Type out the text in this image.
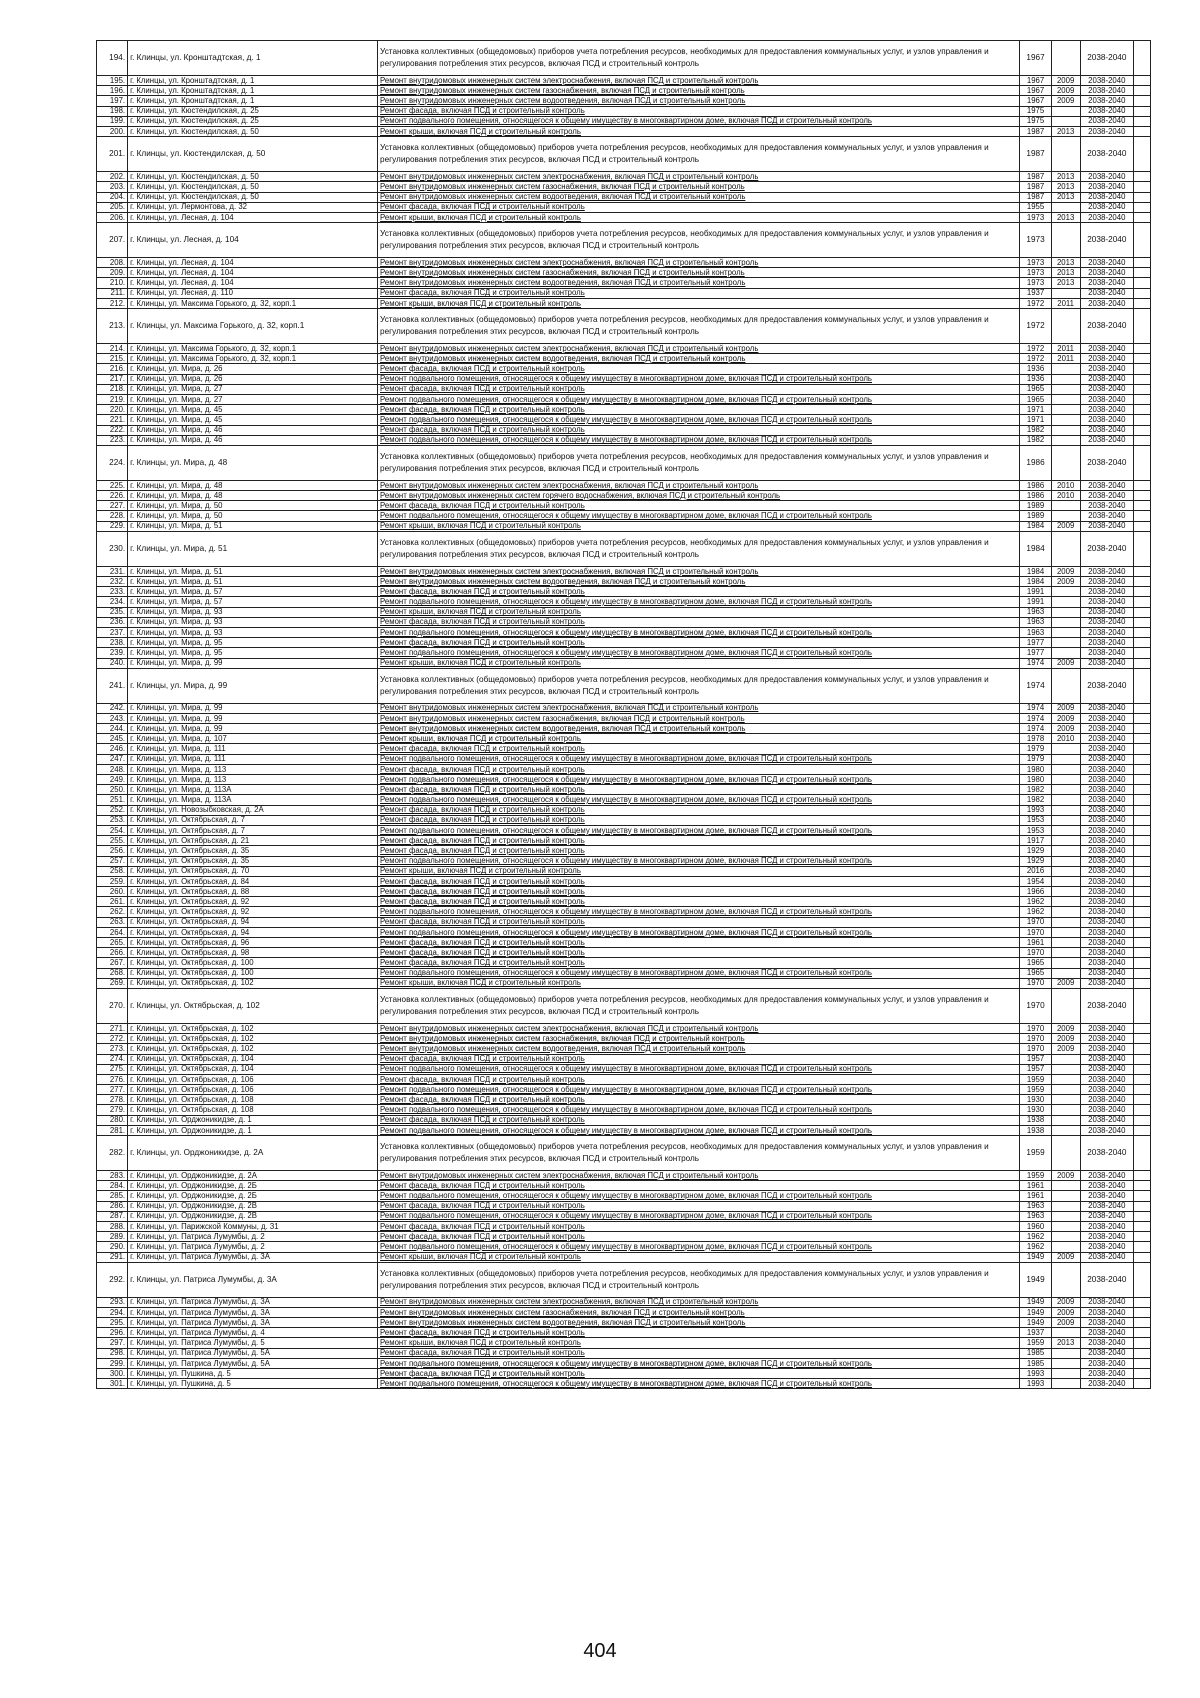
194.	г. Клинцы, ул. Кронштадтская, д. 1	Установка коллективных (общедомовых) приборов учета потребления ресурсов, необходимых для предоставления коммунальных услуг, и узлов управления и регулирования потребления этих ресурсов, включая ПСД и строительный контроль	1967		2038-2040	
195.	г. Клинцы, ул. Кронштадтская, д. 1	Ремонт внутридомовых инженерных систем электроснабжения, включая ПСД и строительный контроль	1967	2009	2038-2040	
196.	г. Клинцы, ул. Кронштадтская, д. 1	Ремонт внутридомовых инженерных систем газоснабжения, включая ПСД и строительный контроль	1967	2009	2038-2040	
197.	г. Клинцы, ул. Кронштадтская, д. 1	Ремонт внутридомовых инженерных систем водоотведения, включая ПСД и строительный контроль	1967	2009	2038-2040	
198.	г. Клинцы, ул. Кюстендилская, д. 25	Ремонт фасада, включая ПСД и строительный контроль	1975		2038-2040	
199.	г. Клинцы, ул. Кюстендилская, д. 25	Ремонт подвального помещения, относящегося к общему имуществу в многоквартирном доме, включая ПСД и строительный контроль	1975		2038-2040	
200.	г. Клинцы, ул. Кюстендилская, д. 50	Ремонт крыши, включая ПСД и строительный контроль	1987	2013	2038-2040	
201.	г. Клинцы, ул. Кюстендилская, д. 50	Установка коллективных (общедомовых) приборов учета потребления ресурсов, необходимых для предоставления коммунальных услуг, и узлов управления и регулирования потребления этих ресурсов, включая ПСД и строительный контроль	1987		2038-2040	
202.	г. Клинцы, ул. Кюстендилская, д. 50	Ремонт внутридомовых инженерных систем электроснабжения, включая ПСД и строительный контроль	1987	2013	2038-2040	
203.	г. Клинцы, ул. Кюстендилская, д. 50	Ремонт внутридомовых инженерных систем газоснабжения, включая ПСД и строительный контроль	1987	2013	2038-2040	
204.	г. Клинцы, ул. Кюстендилская, д. 50	Ремонт внутридомовых инженерных систем водоотведения, включая ПСД и строительный контроль	1987	2013	2038-2040	
205.	г. Клинцы, ул. Лермонтова, д. 32	Ремонт фасада, включая ПСД и строительный контроль	1955		2038-2040	
206.	г. Клинцы, ул. Лесная, д. 104	Ремонт крыши, включая ПСД и строительный контроль	1973	2013	2038-2040	
207.	г. Клинцы, ул. Лесная, д. 104	Установка коллективных (общедомовых) приборов учета потребления ресурсов, необходимых для предоставления коммунальных услуг, и узлов управления и регулирования потребления этих ресурсов, включая ПСД и строительный контроль	1973		2038-2040	
208.	г. Клинцы, ул. Лесная, д. 104	Ремонт внутридомовых инженерных систем электроснабжения, включая ПСД и строительный контроль	1973	2013	2038-2040	
209.	г. Клинцы, ул. Лесная, д. 104	Ремонт внутридомовых инженерных систем газоснабжения, включая ПСД и строительный контроль	1973	2013	2038-2040	
210.	г. Клинцы, ул. Лесная, д. 104	Ремонт внутридомовых инженерных систем водоотведения, включая ПСД и строительный контроль	1973	2013	2038-2040	
211.	г. Клинцы, ул. Лесная, д. 110	Ремонт фасада, включая ПСД и строительный контроль	1937		2038-2040	
212.	г. Клинцы, ул. Максима Горького, д. 32, корп.1	Ремонт крыши, включая ПСД и строительный контроль	1972	2011	2038-2040	
213.	г. Клинцы, ул. Максима Горького, д. 32, корп.1	Установка коллективных (общедомовых) приборов учета потребления ресурсов, необходимых для предоставления коммунальных услуг, и узлов управления и регулирования потребления этих ресурсов, включая ПСД и строительный контроль	1972		2038-2040	
214.	г. Клинцы, ул. Максима Горького, д. 32, корп.1	Ремонт внутридомовых инженерных систем электроснабжения, включая ПСД и строительный контроль	1972	2011	2038-2040	
215.	г. Клинцы, ул. Максима Горького, д. 32, корп.1	Ремонт внутридомовых инженерных систем водоотведения, включая ПСД и строительный контроль	1972	2011	2038-2040	
216.	г. Клинцы, ул. Мира, д. 26	Ремонт фасада, включая ПСД и строительный контроль	1936		2038-2040	
217.	г. Клинцы, ул. Мира, д. 26	Ремонт подвального помещения, относящегося к общему имуществу в многоквартирном доме, включая ПСД и строительный контроль	1936		2038-2040	
218.	г. Клинцы, ул. Мира, д. 27	Ремонт фасада, включая ПСД и строительный контроль	1965		2038-2040	
219.	г. Клинцы, ул. Мира, д. 27	Ремонт подвального помещения, относящегося к общему имуществу в многоквартирном доме, включая ПСД и строительный контроль	1965		2038-2040	
220.	г. Клинцы, ул. Мира, д. 45	Ремонт фасада, включая ПСД и строительный контроль	1971		2038-2040	
221.	г. Клинцы, ул. Мира, д. 45	Ремонт подвального помещения, относящегося к общему имуществу в многоквартирном доме, включая ПСД и строительный контроль	1971		2038-2040	
222.	г. Клинцы, ул. Мира, д. 46	Ремонт фасада, включая ПСД и строительный контроль	1982		2038-2040	
223.	г. Клинцы, ул. Мира, д. 46	Ремонт подвального помещения, относящегося к общему имуществу в многоквартирном доме, включая ПСД и строительный контроль	1982		2038-2040	
224.	г. Клинцы, ул. Мира, д. 48	Установка коллективных (общедомовых) приборов учета потребления ресурсов, необходимых для предоставления коммунальных услуг, и узлов управления и регулирования потребления этих ресурсов, включая ПСД и строительный контроль	1986		2038-2040	
225.	г. Клинцы, ул. Мира, д. 48	Ремонт внутридомовых инженерных систем электроснабжения, включая ПСД и строительный контроль	1986	2010	2038-2040	
226.	г. Клинцы, ул. Мира, д. 48	Ремонт внутридомовых инженерных систем горячего водоснабжения, включая ПСД и строительный контроль	1986	2010	2038-2040	
227.	г. Клинцы, ул. Мира, д. 50	Ремонт фасада, включая ПСД и строительный контроль	1989		2038-2040	
228.	г. Клинцы, ул. Мира, д. 50	Ремонт подвального помещения, относящегося к общему имуществу в многоквартирном доме, включая ПСД и строительный контроль	1989		2038-2040	
229.	г. Клинцы, ул. Мира, д. 51	Ремонт крыши, включая ПСД и строительный контроль	1984	2009	2038-2040	
230.	г. Клинцы, ул. Мира, д. 51	Установка коллективных (общедомовых) приборов учета потребления ресурсов, необходимых для предоставления коммунальных услуг, и узлов управления и регулирования потребления этих ресурсов, включая ПСД и строительный контроль	1984		2038-2040	
231.	г. Клинцы, ул. Мира, д. 51	Ремонт внутридомовых инженерных систем электроснабжения, включая ПСД и строительный контроль	1984	2009	2038-2040	
232.	г. Клинцы, ул. Мира, д. 51	Ремонт внутридомовых инженерных систем водоотведения, включая ПСД и строительный контроль	1984	2009	2038-2040	
233.	г. Клинцы, ул. Мира, д. 57	Ремонт фасада, включая ПСД и строительный контроль	1991		2038-2040	
234.	г. Клинцы, ул. Мира, д. 57	Ремонт подвального помещения, относящегося к общему имуществу в многоквартирном доме, включая ПСД и строительный контроль	1991		2038-2040	
235.	г. Клинцы, ул. Мира, д. 93	Ремонт крыши, включая ПСД и строительный контроль	1963		2038-2040	
236.	г. Клинцы, ул. Мира, д. 93	Ремонт фасада, включая ПСД и строительный контроль	1963		2038-2040	
237.	г. Клинцы, ул. Мира, д. 93	Ремонт подвального помещения, относящегося к общему имуществу в многоквартирном доме, включая ПСД и строительный контроль	1963		2038-2040	
238.	г. Клинцы, ул. Мира, д. 95	Ремонт фасада, включая ПСД и строительный контроль	1977		2038-2040	
239.	г. Клинцы, ул. Мира, д. 95	Ремонт подвального помещения, относящегося к общему имуществу в многоквартирном доме, включая ПСД и строительный контроль	1977		2038-2040	
240.	г. Клинцы, ул. Мира, д. 99	Ремонт крыши, включая ПСД и строительный контроль	1974	2009	2038-2040	
241.	г. Клинцы, ул. Мира, д. 99	Установка коллективных (общедомовых) приборов учета потребления ресурсов, необходимых для предоставления коммунальных услуг, и узлов управления и регулирования потребления этих ресурсов, включая ПСД и строительный контроль	1974		2038-2040	
242.	г. Клинцы, ул. Мира, д. 99	Ремонт внутридомовых инженерных систем электроснабжения, включая ПСД и строительный контроль	1974	2009	2038-2040	
243.	г. Клинцы, ул. Мира, д. 99	Ремонт внутридомовых инженерных систем газоснабжения, включая ПСД и строительный контроль	1974	2009	2038-2040	
244.	г. Клинцы, ул. Мира, д. 99	Ремонт внутридомовых инженерных систем водоотведения, включая ПСД и строительный контроль	1974	2009	2038-2040	
245.	г. Клинцы, ул. Мира, д. 107	Ремонт крыши, включая ПСД и строительный контроль	1978	2010	2038-2040	
246.	г. Клинцы, ул. Мира, д. 111	Ремонт фасада, включая ПСД и строительный контроль	1979		2038-2040	
247.	г. Клинцы, ул. Мира, д. 111	Ремонт подвального помещения, относящегося к общему имуществу в многоквартирном доме, включая ПСД и строительный контроль	1979		2038-2040	
248.	г. Клинцы, ул. Мира, д. 113	Ремонт фасада, включая ПСД и строительный контроль	1980		2038-2040	
249.	г. Клинцы, ул. Мира, д. 113	Ремонт подвального помещения, относящегося к общему имуществу в многоквартирном доме, включая ПСД и строительный контроль	1980		2038-2040	
250.	г. Клинцы, ул. Мира, д. 113А	Ремонт фасада, включая ПСД и строительный контроль	1982		2038-2040	
251.	г. Клинцы, ул. Мира, д. 113А	Ремонт подвального помещения, относящегося к общему имуществу в многоквартирном доме, включая ПСД и строительный контроль	1982		2038-2040	
252.	г. Клинцы, ул. Новозыбковская, д. 2А	Ремонт фасада, включая ПСД и строительный контроль	1993		2038-2040	
253.	г. Клинцы, ул. Октябрьская, д. 7	Ремонт фасада, включая ПСД и строительный контроль	1953		2038-2040	
254.	г. Клинцы, ул. Октябрьская, д. 7	Ремонт подвального помещения, относящегося к общему имуществу в многоквартирном доме, включая ПСД и строительный контроль	1953		2038-2040	
255.	г. Клинцы, ул. Октябрьская, д. 21	Ремонт фасада, включая ПСД и строительный контроль	1917		2038-2040	
256.	г. Клинцы, ул. Октябрьская, д. 35	Ремонт фасада, включая ПСД и строительный контроль	1929		2038-2040	
257.	г. Клинцы, ул. Октябрьская, д. 35	Ремонт подвального помещения, относящегося к общему имуществу в многоквартирном доме, включая ПСД и строительный контроль	1929		2038-2040	
258.	г. Клинцы, ул. Октябрьская, д. 70	Ремонт крыши, включая ПСД и строительный контроль	2016		2038-2040	
259.	г. Клинцы, ул. Октябрьская, д. 84	Ремонт фасада, включая ПСД и строительный контроль	1954		2038-2040	
260.	г. Клинцы, ул. Октябрьская, д. 88	Ремонт фасада, включая ПСД и строительный контроль	1966		2038-2040	
261.	г. Клинцы, ул. Октябрьская, д. 92	Ремонт фасада, включая ПСД и строительный контроль	1962		2038-2040	
262.	г. Клинцы, ул. Октябрьская, д. 92	Ремонт подвального помещения, относящегося к общему имуществу в многоквартирном доме, включая ПСД и строительный контроль	1962		2038-2040	
263.	г. Клинцы, ул. Октябрьская, д. 94	Ремонт фасада, включая ПСД и строительный контроль	1970		2038-2040	
264.	г. Клинцы, ул. Октябрьская, д. 94	Ремонт подвального помещения, относящегося к общему имуществу в многоквартирном доме, включая ПСД и строительный контроль	1970		2038-2040	
265.	г. Клинцы, ул. Октябрьская, д. 96	Ремонт фасада, включая ПСД и строительный контроль	1961		2038-2040	
266.	г. Клинцы, ул. Октябрьская, д. 98	Ремонт фасада, включая ПСД и строительный контроль	1970		2038-2040	
267.	г. Клинцы, ул. Октябрьская, д. 100	Ремонт фасада, включая ПСД и строительный контроль	1965		2038-2040	
268.	г. Клинцы, ул. Октябрьская, д. 100	Ремонт подвального помещения, относящегося к общему имуществу в многоквартирном доме, включая ПСД и строительный контроль	1965		2038-2040	
269.	г. Клинцы, ул. Октябрьская, д. 102	Ремонт крыши, включая ПСД и строительный контроль	1970	2009	2038-2040	
270.	г. Клинцы, ул. Октябрьская, д. 102	Установка коллективных (общедомовых) приборов учета потребления ресурсов, необходимых для предоставления коммунальных услуг, и узлов управления и регулирования потребления этих ресурсов, включая ПСД и строительный контроль	1970		2038-2040	
271.	г. Клинцы, ул. Октябрьская, д. 102	Ремонт внутридомовых инженерных систем электроснабжения, включая ПСД и строительный контроль	1970	2009	2038-2040	
272.	г. Клинцы, ул. Октябрьская, д. 102	Ремонт внутридомовых инженерных систем газоснабжения, включая ПСД и строительный контроль	1970	2009	2038-2040	
273.	г. Клинцы, ул. Октябрьская, д. 102	Ремонт внутридомовых инженерных систем водоотведения, включая ПСД и строительный контроль	1970	2009	2038-2040	
274.	г. Клинцы, ул. Октябрьская, д. 104	Ремонт фасада, включая ПСД и строительный контроль	1957		2038-2040	
275.	г. Клинцы, ул. Октябрьская, д. 104	Ремонт подвального помещения, относящегося к общему имуществу в многоквартирном доме, включая ПСД и строительный контроль	1957		2038-2040	
276.	г. Клинцы, ул. Октябрьская, д. 106	Ремонт фасада, включая ПСД и строительный контроль	1959		2038-2040	
277.	г. Клинцы, ул. Октябрьская, д. 106	Ремонт подвального помещения, относящегося к общему имуществу в многоквартирном доме, включая ПСД и строительный контроль	1959		2038-2040	
278.	г. Клинцы, ул. Октябрьская, д. 108	Ремонт фасада, включая ПСД и строительный контроль	1930		2038-2040	
279.	г. Клинцы, ул. Октябрьская, д. 108	Ремонт подвального помещения, относящегося к общему имуществу в многоквартирном доме, включая ПСД и строительный контроль	1930		2038-2040	
280.	г. Клинцы, ул. Орджоникидзе, д. 1	Ремонт фасада, включая ПСД и строительный контроль	1938		2038-2040	
281.	г. Клинцы, ул. Орджоникидзе, д. 1	Ремонт подвального помещения, относящегося к общему имуществу в многоквартирном доме, включая ПСД и строительный контроль	1938		2038-2040	
282.	г. Клинцы, ул. Орджоникидзе, д. 2А	Установка коллективных (общедомовых) приборов учета потребления ресурсов, необходимых для предоставления коммунальных услуг, и узлов управления и регулирования потребления этих ресурсов, включая ПСД и строительный контроль	1959		2038-2040	
283.	г. Клинцы, ул. Орджоникидзе, д. 2А	Ремонт внутридомовых инженерных систем электроснабжения, включая ПСД и строительный контроль	1959	2009	2038-2040	
284.	г. Клинцы, ул. Орджоникидзе, д. 2Б	Ремонт фасада, включая ПСД и строительный контроль	1961		2038-2040	
285.	г. Клинцы, ул. Орджоникидзе, д. 2Б	Ремонт подвального помещения, относящегося к общему имуществу в многоквартирном доме, включая ПСД и строительный контроль	1961		2038-2040	
286.	г. Клинцы, ул. Орджоникидзе, д. 2В	Ремонт фасада, включая ПСД и строительный контроль	1963		2038-2040	
287.	г. Клинцы, ул. Орджоникидзе, д. 2В	Ремонт подвального помещения, относящегося к общему имуществу в многоквартирном доме, включая ПСД и строительный контроль	1963		2038-2040	
288.	г. Клинцы, ул. Парижской Коммуны, д. 31	Ремонт фасада, включая ПСД и строительный контроль	1960		2038-2040	
289.	г. Клинцы, ул. Патриса Лумумбы, д. 2	Ремонт фасада, включая ПСД и строительный контроль	1962		2038-2040	
290.	г. Клинцы, ул. Патриса Лумумбы, д. 2	Ремонт подвального помещения, относящегося к общему имуществу в многоквартирном доме, включая ПСД и строительный контроль	1962		2038-2040	
291.	г. Клинцы, ул. Патриса Лумумбы, д. 3А	Ремонт крыши, включая ПСД и строительный контроль	1949	2009	2038-2040	
292.	г. Клинцы, ул. Патриса Лумумбы, д. 3А	Установка коллективных (общедомовых) приборов учета потребления ресурсов, необходимых для предоставления коммунальных услуг, и узлов управления и регулирования потребления этих ресурсов, включая ПСД и строительный контроль	1949		2038-2040	
293.	г. Клинцы, ул. Патриса Лумумбы, д. 3А	Ремонт внутридомовых инженерных систем электроснабжения, включая ПСД и строительный контроль	1949	2009	2038-2040	
294.	г. Клинцы, ул. Патриса Лумумбы, д. 3А	Ремонт внутридомовых инженерных систем газоснабжения, включая ПСД и строительный контроль	1949	2009	2038-2040	
295.	г. Клинцы, ул. Патриса Лумумбы, д. 3А	Ремонт внутридомовых инженерных систем водоотведения, включая ПСД и строительный контроль	1949	2009	2038-2040	
296.	г. Клинцы, ул. Патриса Лумумбы, д. 4	Ремонт фасада, включая ПСД и строительный контроль	1937		2038-2040	
297.	г. Клинцы, ул. Патриса Лумумбы, д. 5	Ремонт крыши, включая ПСД и строительный контроль	1959	2013	2038-2040	
298.	г. Клинцы, ул. Патриса Лумумбы, д. 5А	Ремонт фасада, включая ПСД и строительный контроль	1985		2038-2040	
299.	г. Клинцы, ул. Патриса Лумумбы, д. 5А	Ремонт подвального помещения, относящегося к общему имуществу в многоквартирном доме, включая ПСД и строительный контроль	1985		2038-2040	
300.	г. Клинцы, ул. Пушкина, д. 5	Ремонт фасада, включая ПСД и строительный контроль	1993		2038-2040	
301.	г. Клинцы, ул. Пушкина, д. 5	Ремонт подвального помещения, относящегося к общему имуществу в многоквартирном доме, включая ПСД и строительный контроль	1993		2038-2040	
404
